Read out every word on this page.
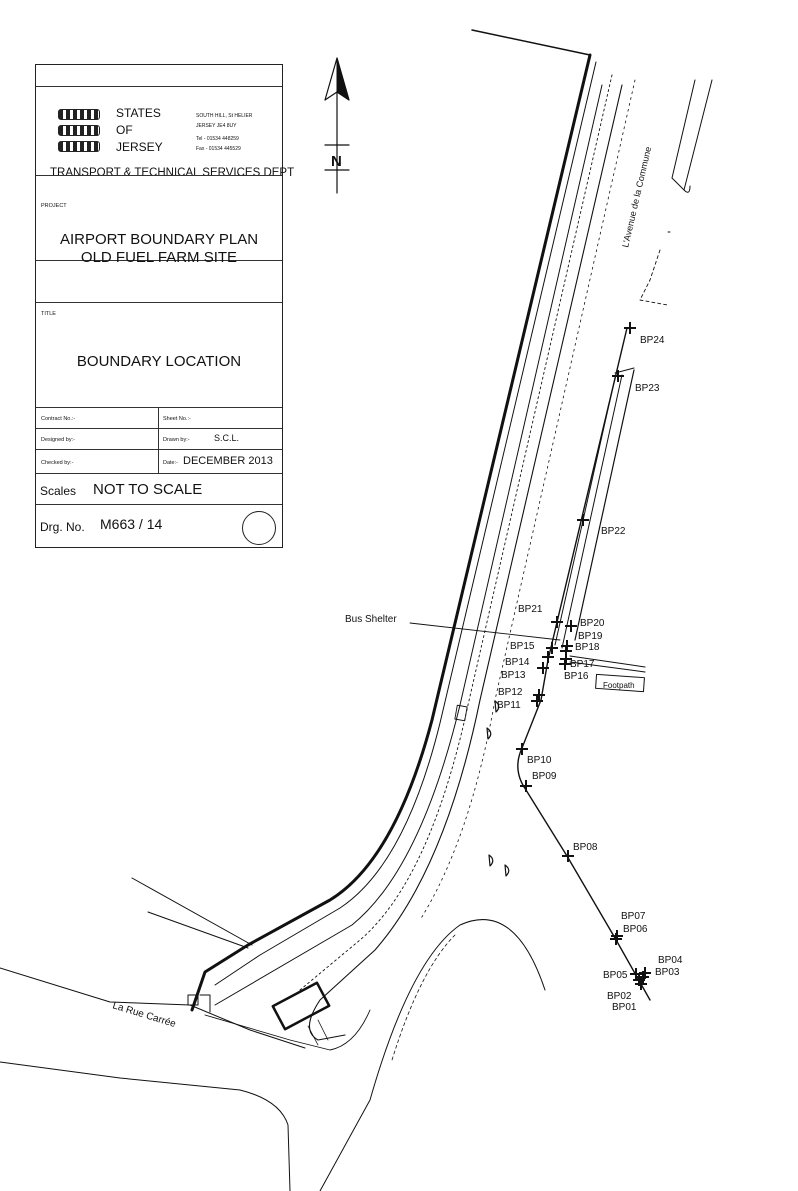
BP01
BP02
BP03
BP04
BP05
BP06
BP07
BP08
BP09
BP10
BP11
BP12
BP13
BP14
BP15
BP16
BP17
BP18
BP19
BP20
BP21
BP22
BP23
BP24
N	L'Avenue de la Commune
La Rue Carrée
Bus Shelter
Footpath
STATES
OF
JERSEY
SOUTH HILL, St HELIER
JERSEY JE4 8UY
Tel - 01534 448259
Fax - 01534 445529
TRANSPORT & TECHNICAL SERVICES DEPT
PROJECT
AIRPORT BOUNDARY PLAN
OLD FUEL FARM SITE
TITLE
BOUNDARY LOCATION
Contract No.:-	Sheet No.:-
Designed by:-	Drawn by:-	S.C.L.
Checked by:-	Date:- DECEMBER 2013
Scales NOT TO SCALE
Drg. No. M663 / 14
